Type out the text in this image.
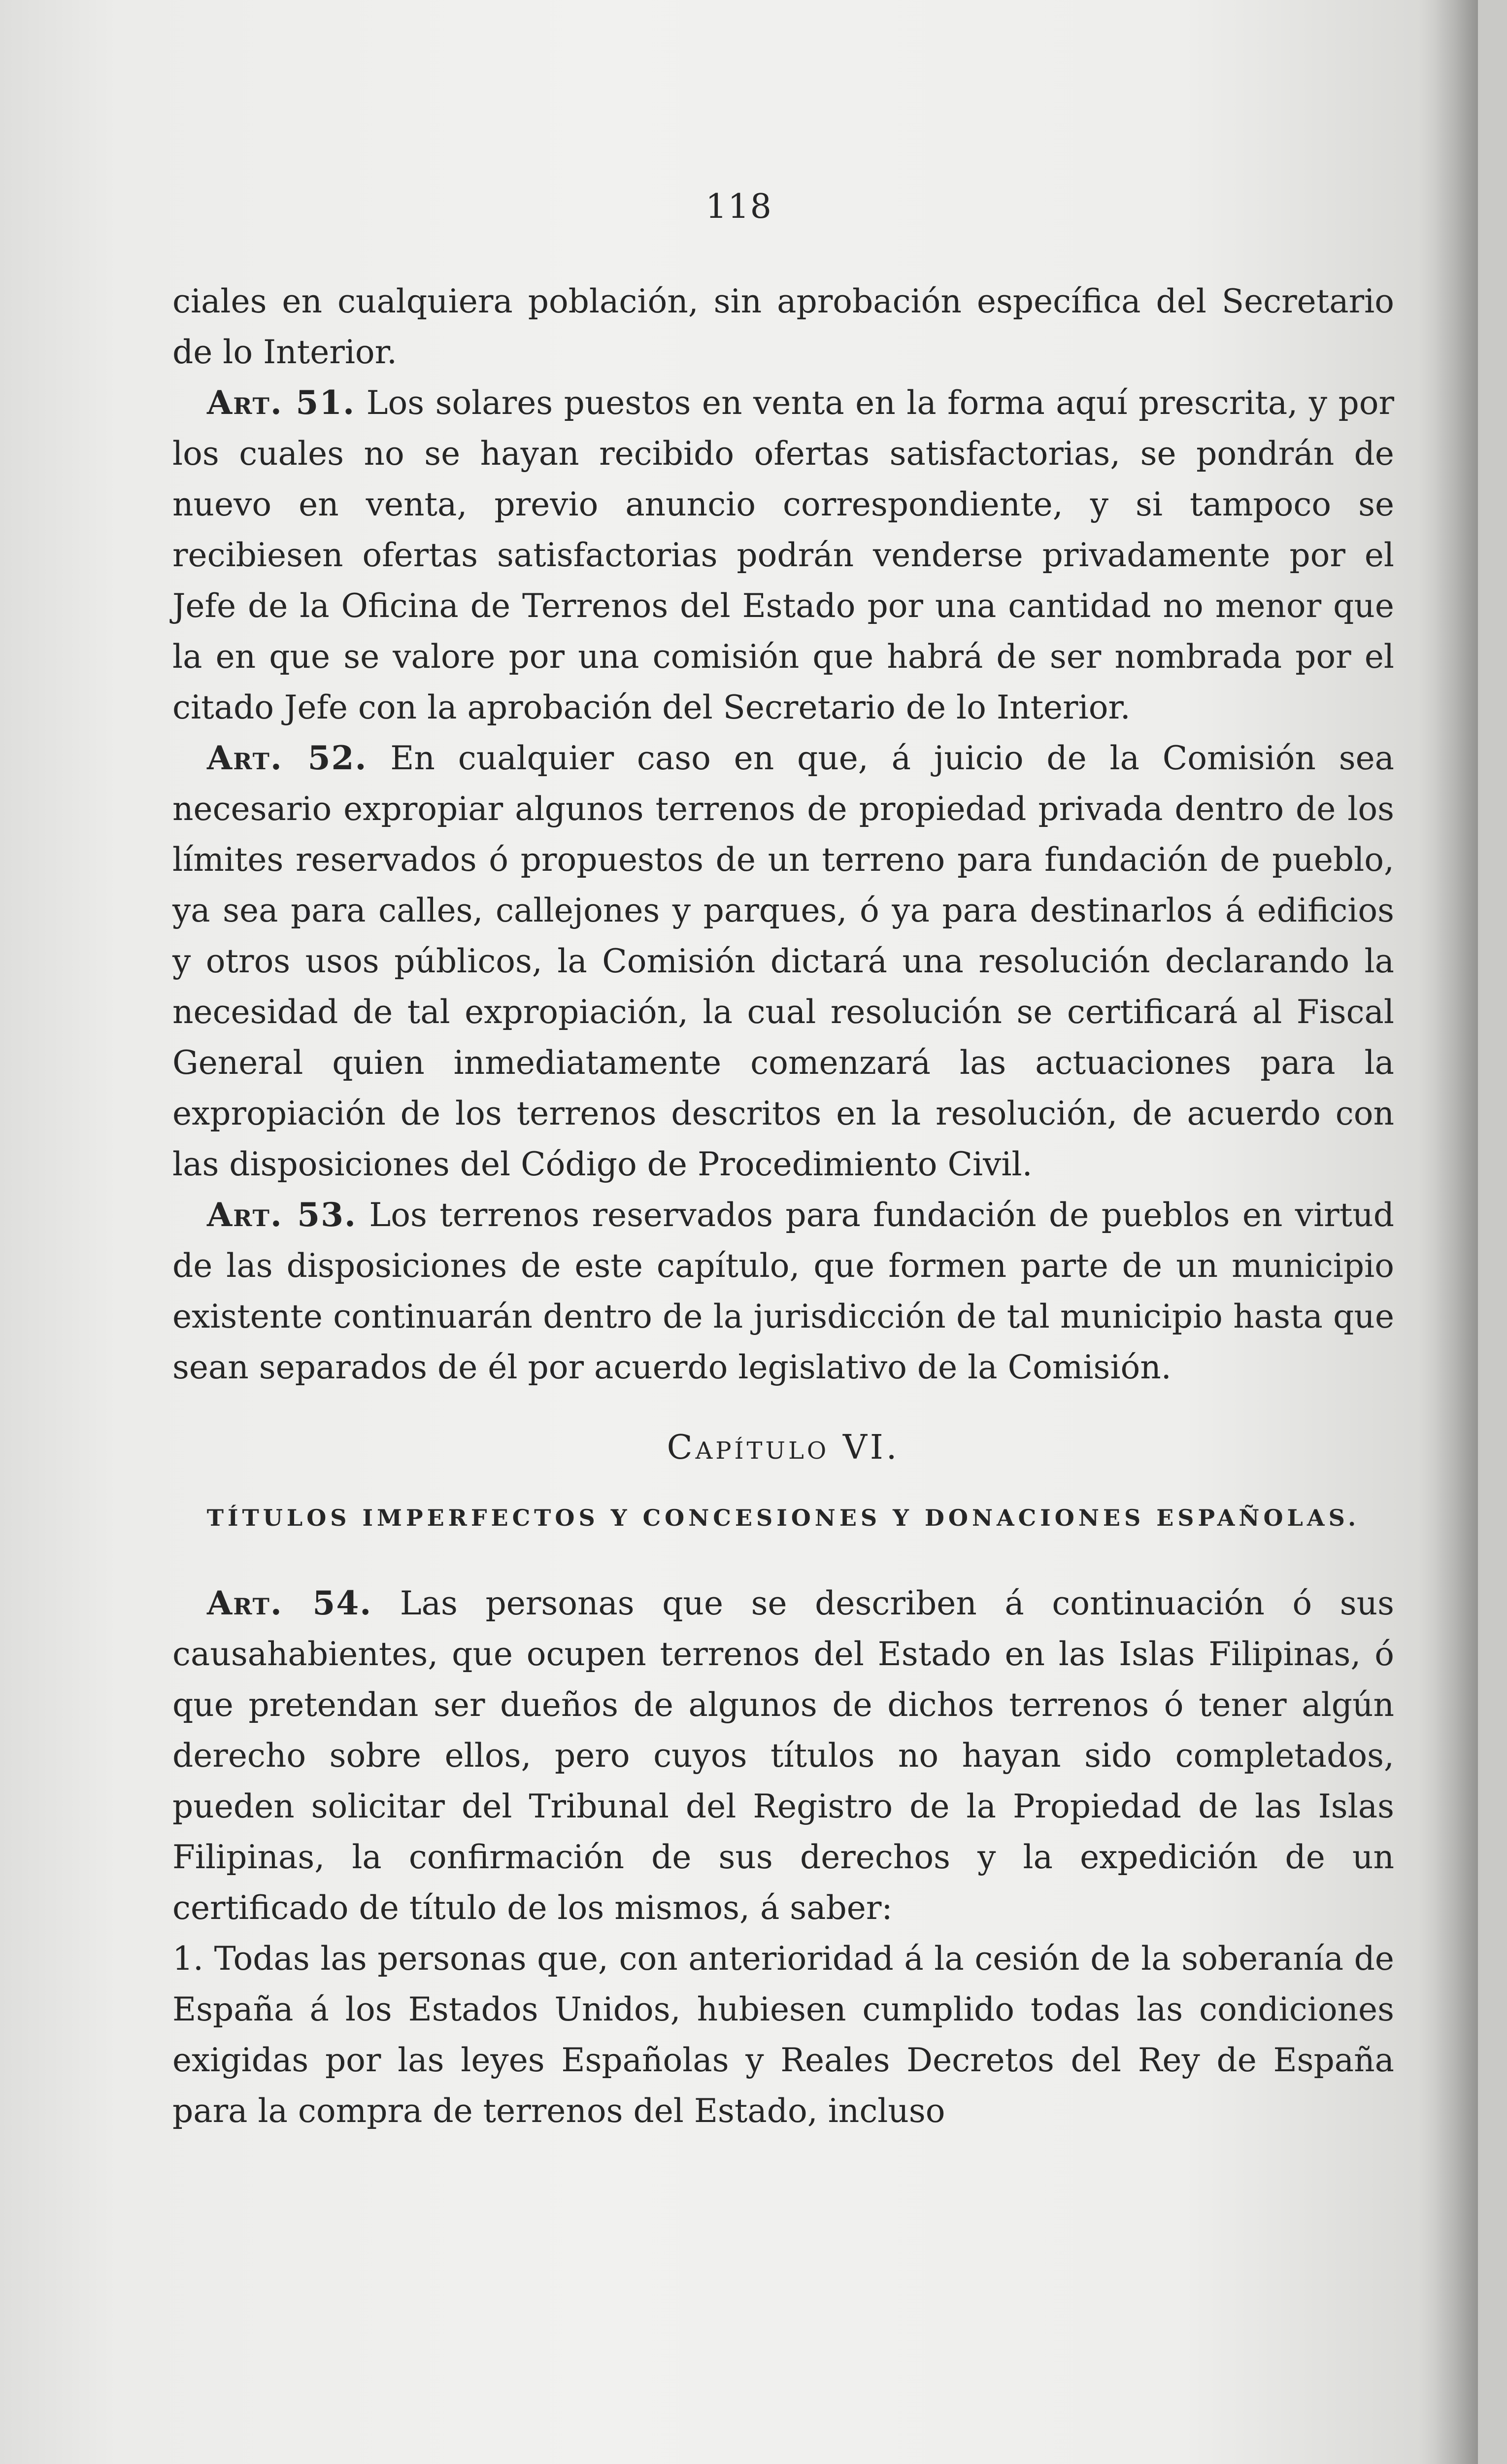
118

ciales en cualquiera población, sin aprobación específica del Secretario de lo Interior.

Art. 51. Los solares puestos en venta en la forma aquí prescrita, y por los cuales no se hayan recibido ofertas satisfactorias, se pondrán de nuevo en venta, previo anuncio correspondiente, y si tampoco se recibiesen ofertas satisfactorias podrán venderse privadamente por el Jefe de la Oficina de Terrenos del Estado por una cantidad no menor que la en que se valore por una comisión que habrá de ser nombrada por el citado Jefe con la aprobación del Secretario de lo Interior.

Art. 52. En cualquier caso en que, á juicio de la Comisión sea necesario expropiar algunos terrenos de propiedad privada dentro de los límites reservados ó propuestos de un terreno para fundación de pueblo, ya sea para calles, callejones y parques, ó ya para destinarlos á edificios y otros usos públicos, la Comisión dictará una resolución declarando la necesidad de tal expropiación, la cual resolución se certificará al Fiscal General quien inmediatamente comenzará las actuaciones para la expropiación de los terrenos descritos en la resolución, de acuerdo con las disposiciones del Código de Procedimiento Civil.

Art. 53. Los terrenos reservados para fundación de pueblos en virtud de las disposiciones de este capítulo, que formen parte de un municipio existente continuarán dentro de la jurisdicción de tal municipio hasta que sean separados de él por acuerdo legislativo de la Comisión.

Capítulo VI.
TÍTULOS IMPERFECTOS Y CONCESIONES Y DONACIONES ESPAÑOLAS.

Art. 54. Las personas que se describen á continuación ó sus causahabientes, que ocupen terrenos del Estado en las Islas Filipinas, ó que pretendan ser dueños de algunos de dichos terrenos ó tener algún derecho sobre ellos, pero cuyos títulos no hayan sido completados, pueden solicitar del Tribunal del Registro de la Propiedad de las Islas Filipinas, la confirmación de sus derechos y la expedición de un certificado de título de los mismos, á saber:

1. Todas las personas que, con anterioridad á la cesión de la soberanía de España á los Estados Unidos, hubiesen cumplido todas las condiciones exigidas por las leyes Españolas y Reales Decretos del Rey de España para la compra de terrenos del Estado, incluso
